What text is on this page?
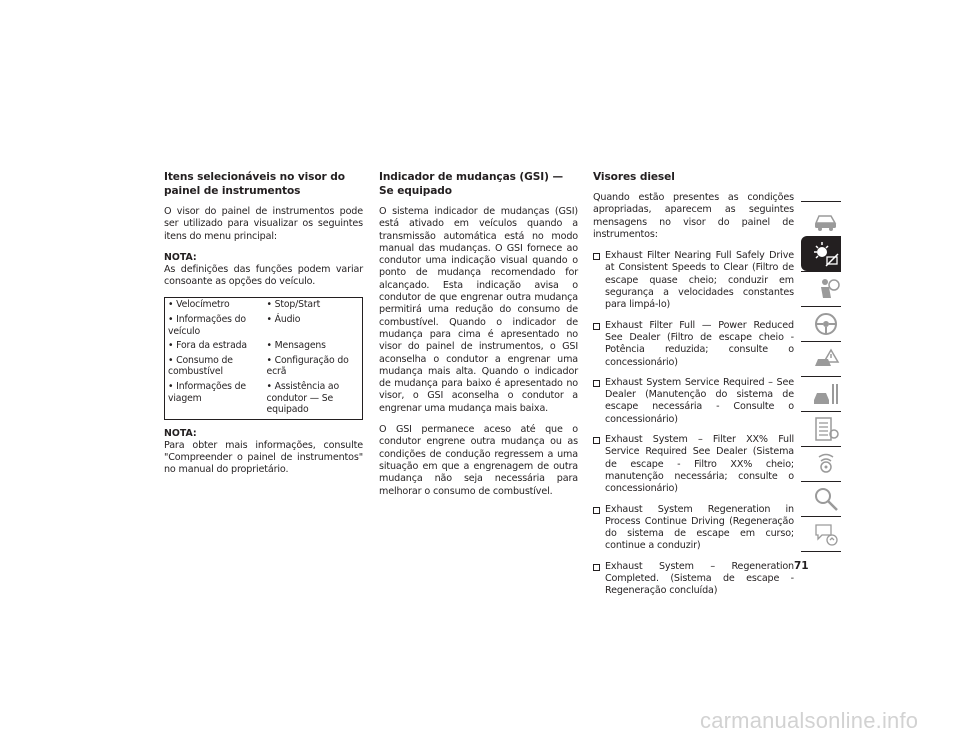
Itens selecionáveis no visor do painel de instrumentos

O visor do painel de instrumentos pode ser utilizado para visualizar os seguintes itens do menu principal:

NOTA:

As definições das funções podem variar consoante as opções do veículo.

• Velocímetro	• Stop/Start
• Informações do veículo	• Áudio
• Fora da estrada	• Mensagens
• Consumo de combustível	• Configuração do ecrã
• Informações de viagem	• Assistência ao condutor — Se equipado
NOTA:

Para obter mais informações, consulte "Compreender o painel de instrumentos" no manual do proprietário.

Indicador de mudanças (GSI) — Se equipado

O sistema indicador de mudanças (GSI) está ativado em veículos quando a transmissão automática está no modo manual das mudanças. O GSI fornece ao condutor uma indicação visual quando o ponto de mudança recomendado for alcançado. Esta indicação avisa o condutor de que engrenar outra mudança permitirá uma redução do consumo de combustível. Quando o indicador de mudança para cima é apresentado no visor do painel de instrumentos, o GSI aconselha o condutor a engrenar uma mudança mais alta. Quando o indicador de mudança para baixo é apresentado no visor, o GSI aconselha o condutor a engrenar uma mudança mais baixa.

O GSI permanece aceso até que o condutor engrene outra mudança ou as condições de condução regressem a uma situação em que a engrenagem de outra mudança não seja necessária para melhorar o consumo de combustível.

Visores diesel

Quando estão presentes as condições apropriadas, aparecem as seguintes mensagens no visor do painel de instrumentos:

Exhaust Filter Nearing Full Safely Drive at Consistent Speeds to Clear (Filtro de escape quase cheio; conduzir em segurança a velocidades constantes para limpá-lo)
Exhaust Filter Full — Power Reduced See Dealer (Filtro de escape cheio - Potência reduzida; consulte o concessionário)
Exhaust System Service Required – See Dealer (Manutenção do sistema de escape necessária - Consulte o concessionário)
Exhaust System – Filter XX% Full Service Required See Dealer (Sistema de escape - Filtro XX% cheio; manutenção necessária; consulte o concessionário)
Exhaust System Regeneration in Process Continue Driving (Regeneração do sistema de escape em curso; continue a conduzir)
Exhaust System – Regeneration Completed. (Sistema de escape - Regeneração concluída)
71
carmanualsonline.info
